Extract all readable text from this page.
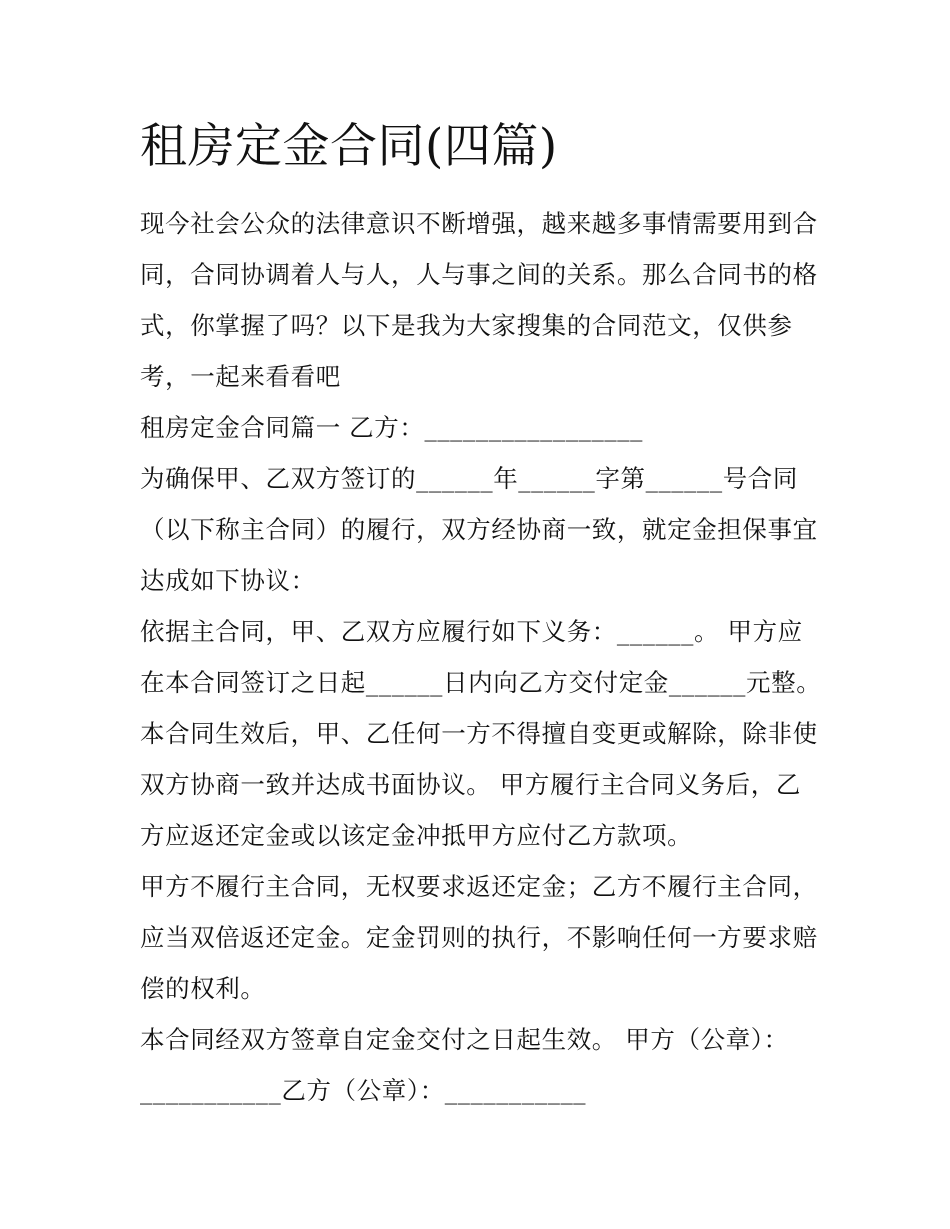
租房定金合同(四篇)
现今社会公众的法律意识不断增强，越来越多事情需要用到合
同，合同协调着人与人，人与事之间的关系。那么合同书的格
式，你掌握了吗？以下是我为大家搜集的合同范文，仅供参
考，一起来看看吧
租房定金合同篇一 乙方：_________________
为确保甲、乙双方签订的______年______字第______号合同
（以下称主合同）的履行，双方经协商一致，就定金担保事宜
达成如下协议：
依据主合同，甲、乙双方应履行如下义务：______。 甲方应
在本合同签订之日起______日内向乙方交付定金______元整。
本合同生效后，甲、乙任何一方不得擅自变更或解除，除非使
双方协商一致并达成书面协议。 甲方履行主合同义务后，乙
方应返还定金或以该定金冲抵甲方应付乙方款项。
甲方不履行主合同，无权要求返还定金；乙方不履行主合同，
应当双倍返还定金。定金罚则的执行，不影响任何一方要求赔
偿的权利。
本合同经双方签章自定金交付之日起生效。 甲方（公章）：
___________乙方（公章）：___________
